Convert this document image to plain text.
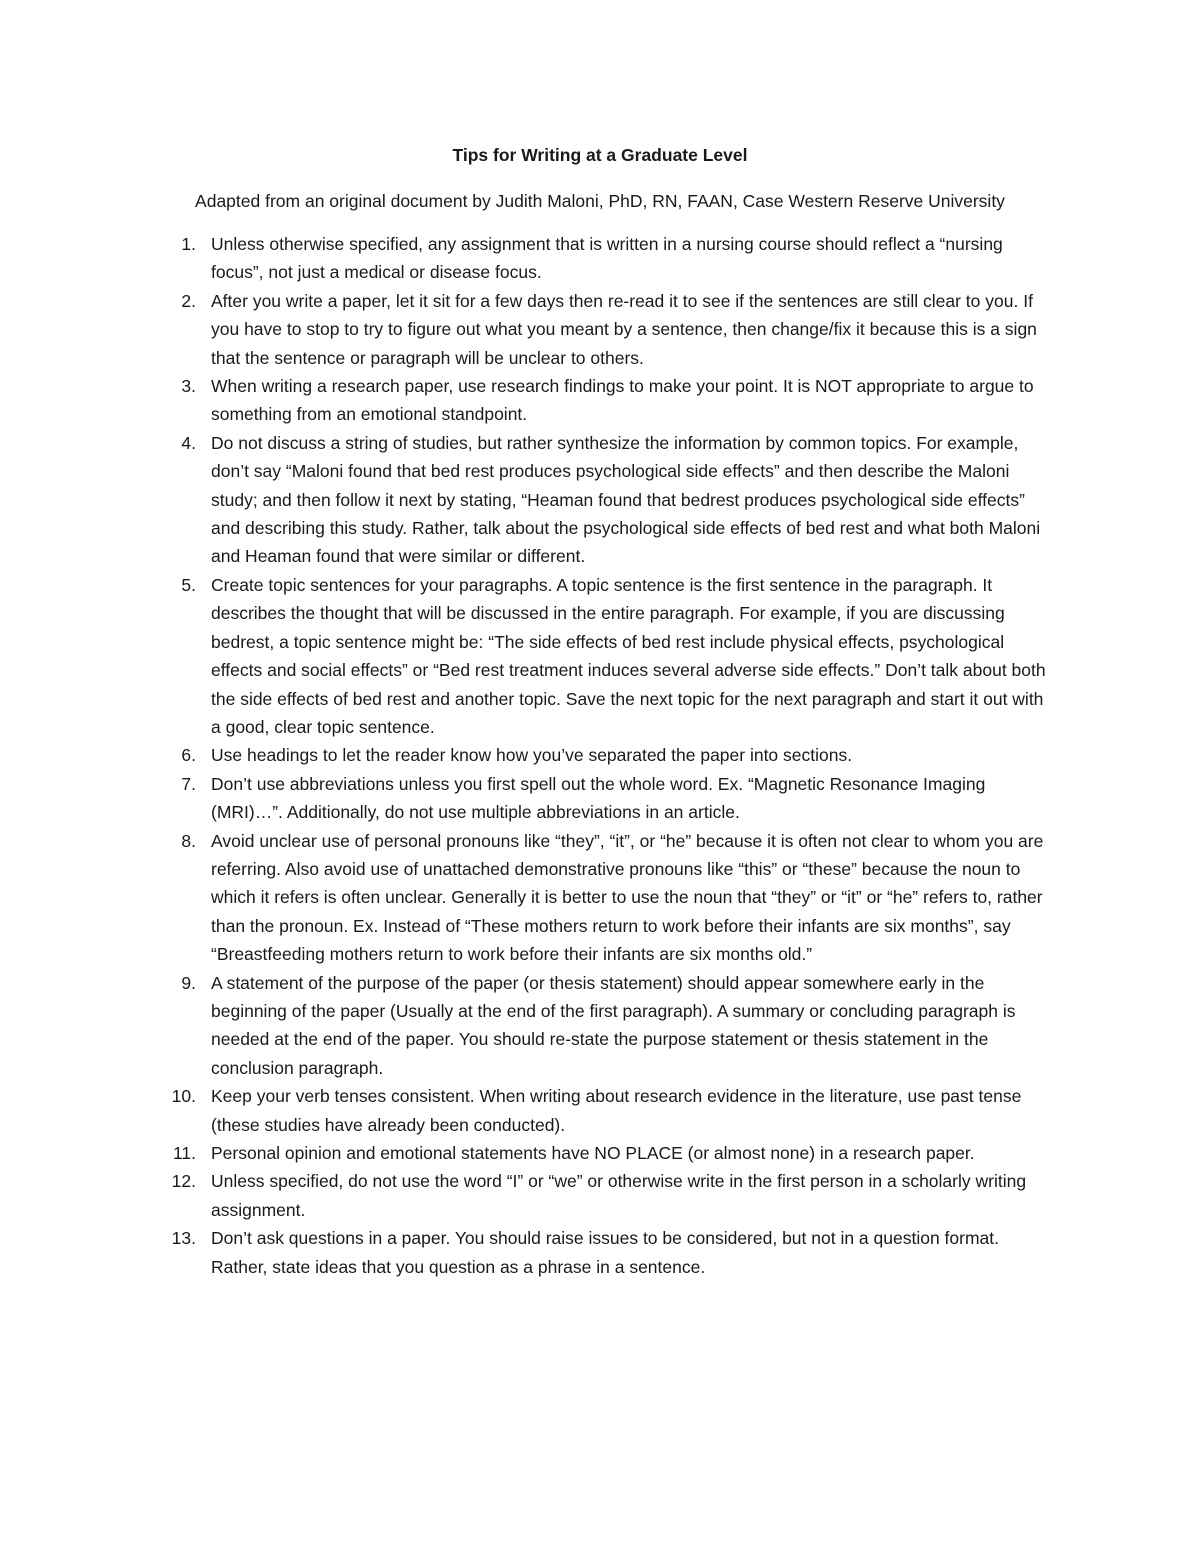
Tips for Writing at a Graduate Level

Adapted from an original document by Judith Maloni, PhD, RN, FAAN, Case Western Reserve University

1. Unless otherwise specified, any assignment that is written in a nursing course should reflect a “nursing focus”, not just a medical or disease focus.
2. After you write a paper, let it sit for a few days then re-read it to see if the sentences are still clear to you. If you have to stop to try to figure out what you meant by a sentence, then change/fix it because this is a sign that the sentence or paragraph will be unclear to others.
3. When writing a research paper, use research findings to make your point. It is NOT appropriate to argue to something from an emotional standpoint.
4. Do not discuss a string of studies, but rather synthesize the information by common topics. For example, don’t say “Maloni found that bed rest produces psychological side effects” and then describe the Maloni study; and then follow it next by stating, “Heaman found that bedrest produces psychological side effects” and describing this study. Rather, talk about the psychological side effects of bed rest and what both Maloni and Heaman found that were similar or different.
5. Create topic sentences for your paragraphs. A topic sentence is the first sentence in the paragraph. It describes the thought that will be discussed in the entire paragraph. For example, if you are discussing bedrest, a topic sentence might be: “The side effects of bed rest include physical effects, psychological effects and social effects” or “Bed rest treatment induces several adverse side effects.” Don’t talk about both the side effects of bed rest and another topic. Save the next topic for the next paragraph and start it out with a good, clear topic sentence.
6. Use headings to let the reader know how you’ve separated the paper into sections.
7. Don’t use abbreviations unless you first spell out the whole word. Ex. “Magnetic Resonance Imaging (MRI)…”. Additionally, do not use multiple abbreviations in an article.
8. Avoid unclear use of personal pronouns like “they”, “it”, or “he” because it is often not clear to whom you are referring. Also avoid use of unattached demonstrative pronouns like “this” or “these” because the noun to which it refers is often unclear. Generally it is better to use the noun that “they” or “it” or “he” refers to, rather than the pronoun. Ex. Instead of “These mothers return to work before their infants are six months”, say “Breastfeeding mothers return to work before their infants are six months old.”
9. A statement of the purpose of the paper (or thesis statement) should appear somewhere early in the beginning of the paper (Usually at the end of the first paragraph). A summary or concluding paragraph is needed at the end of the paper. You should re-state the purpose statement or thesis statement in the conclusion paragraph.
10. Keep your verb tenses consistent. When writing about research evidence in the literature, use past tense (these studies have already been conducted).
11. Personal opinion and emotional statements have NO PLACE (or almost none) in a research paper.
12. Unless specified, do not use the word “I” or “we” or otherwise write in the first person in a scholarly writing assignment.
13. Don’t ask questions in a paper. You should raise issues to be considered, but not in a question format. Rather, state ideas that you question as a phrase in a sentence.
